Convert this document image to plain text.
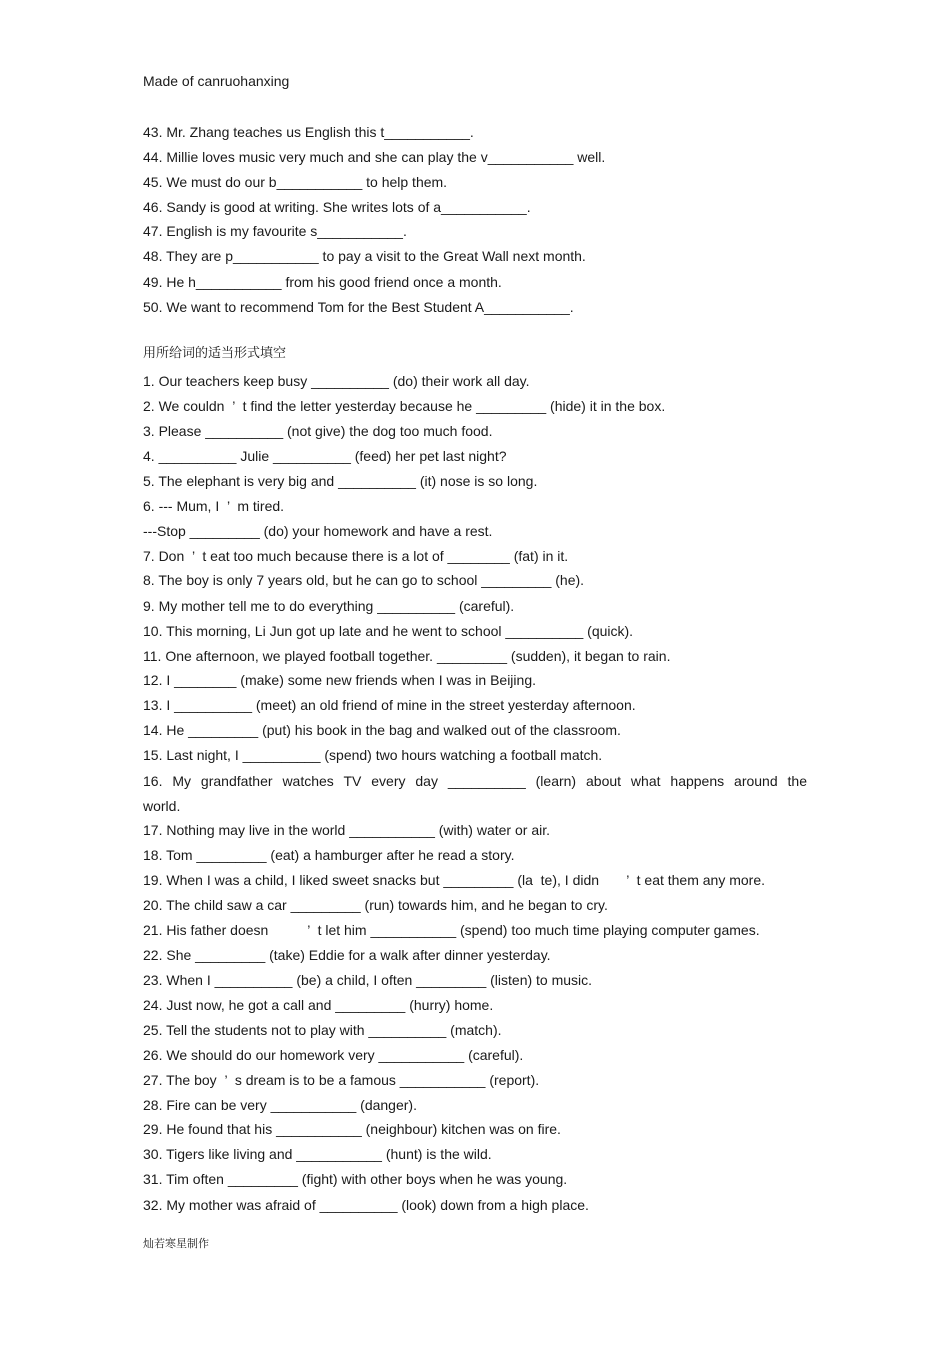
Made of canruohanxing
43. Mr. Zhang teaches us English this t___________.
44. Millie loves music very much and she can play the v___________ well.
45. We must do our b___________ to help them.
46. Sandy is good at writing. She writes lots of a___________.
47. English is my favourite s___________.
48. They are p___________ to pay a visit to the Great Wall next month.
49. He h___________ from his good friend once a month.
50. We want to recommend Tom for the Best Student A___________.
用所给词的适当形式填空
1. Our teachers keep busy __________ (do) their work all day.
2. We couldn  ’  t find the letter yesterday because he _________ (hide) it in the box.
3. Please __________ (not give) the dog too much food.
4. __________ Julie __________ (feed) her pet last night?
5. The elephant is very big and __________ (it) nose is so long.
6. --- Mum, I  ’  m tired.
---Stop _________ (do) your homework and have a rest.
7. Don  ’  t eat too much because there is a lot of ________ (fat) in it.
8. The boy is only 7 years old, but he can go to school _________ (he).
9. My mother tell me to do everything __________ (careful).
10. This morning, Li Jun got up late and he went to school __________ (quick).
11. One afternoon, we played football together. _________ (sudden), it began to rain.
12. I ________ (make) some new friends when I was in Beijing.
13. I __________ (meet) an old friend of mine in the street yesterday afternoon.
14. He _________ (put) his book in the bag and walked out of the classroom.
15. Last night, I __________ (spend) two hours watching a football match.
16. My grandfather watches TV every day __________ (learn) about what happens around the
world.
17. Nothing may live in the world ___________ (with) water or air.
18. Tom _________ (eat) a hamburger after he read a story.
19. When I was a child, I liked sweet snacks but _________ (la  te), I didn       ’  t eat them any more.
20. The child saw a car _________ (run) towards him, and he began to cry.
21. His father doesn          ’  t let him ___________ (spend) too much time playing computer games.
22. She _________ (take) Eddie for a walk after dinner yesterday.
23. When I __________ (be) a child, I often _________ (listen) to music.
24. Just now, he got a call and _________ (hurry) home.
25. Tell the students not to play with __________ (match).
26. We should do our homework very ___________ (careful).
27. The boy  ’  s dream is to be a famous ___________ (report).
28. Fire can be very ___________ (danger).
29. He found that his ___________ (neighbour) kitchen was on fire.
30. Tigers like living and ___________ (hunt) is the wild.
31. Tim often _________ (fight) with other boys when he was young.
32. My mother was afraid of __________ (look) down from a high place.
灿若寒星制作
